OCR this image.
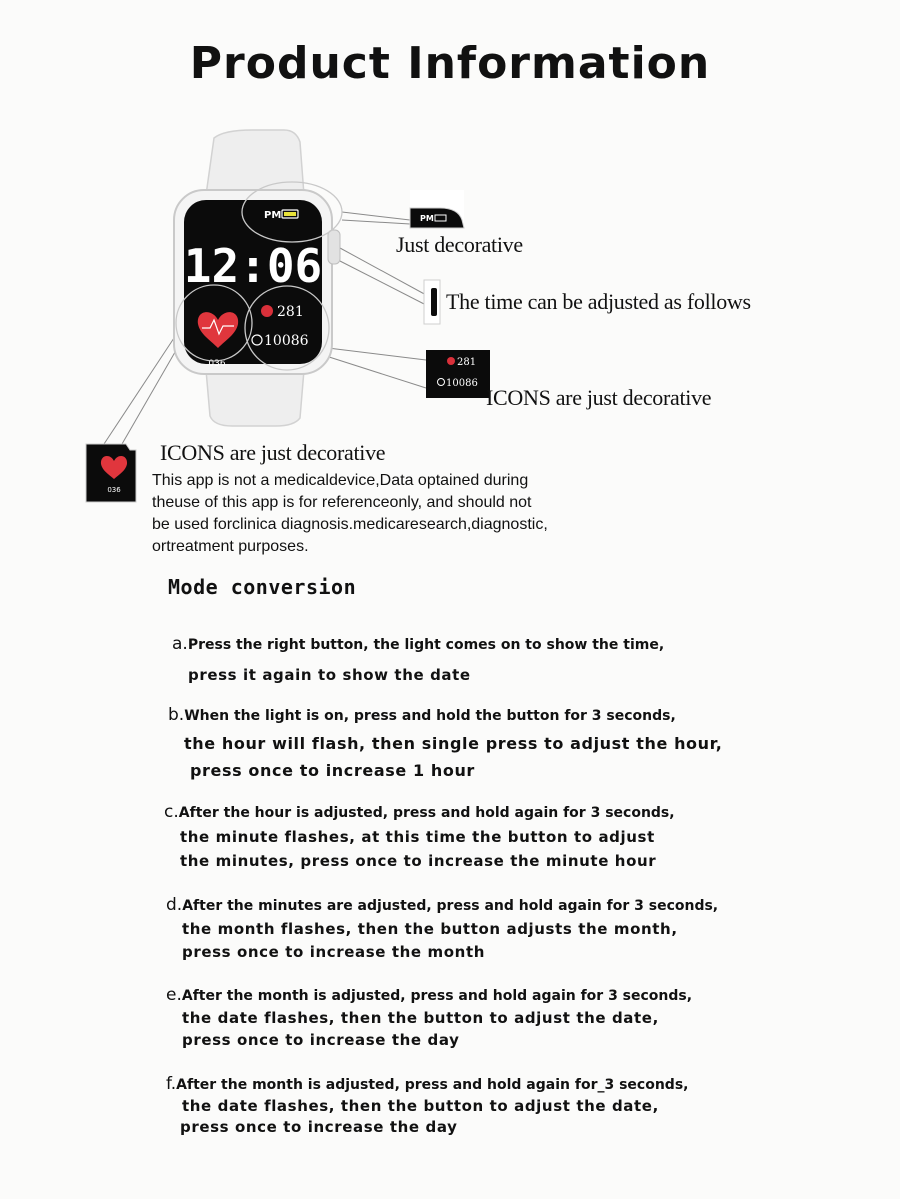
Product Information
PM
12:06
036
281
10086
PM
281
10086
036
Just decorative
The time can be adjusted as follows
ICONS are just decorative
ICONS are just decorative
This app is not a medicaldevice,Data optained during
theuse of this app is for referenceonly, and should not
be used forclinica diagnosis.medicaresearch,diagnostic,
ortreatment purposes.
Mode conversion
a.Press the right button, the light comes on to show the time,
press it again to show the date
b.When the light is on, press and hold the button for 3 seconds,
the hour will flash, then single press to adjust the hour,
press once to increase 1 hour
c.After the hour is adjusted, press and hold again for 3 seconds,
the minute flashes, at this time the button to adjust
the minutes, press once to increase the minute hour
d.After the minutes are adjusted, press and hold again for 3 seconds,
the month flashes, then the button adjusts the month,
press once to increase the month
e.After the month is adjusted, press and hold again for 3 seconds,
the date flashes, then the button to adjust the date,
press once to increase the day
f.After the month is adjusted, press and hold again for_3 seconds,
the date flashes, then the button to adjust the date,
press once to increase the day
